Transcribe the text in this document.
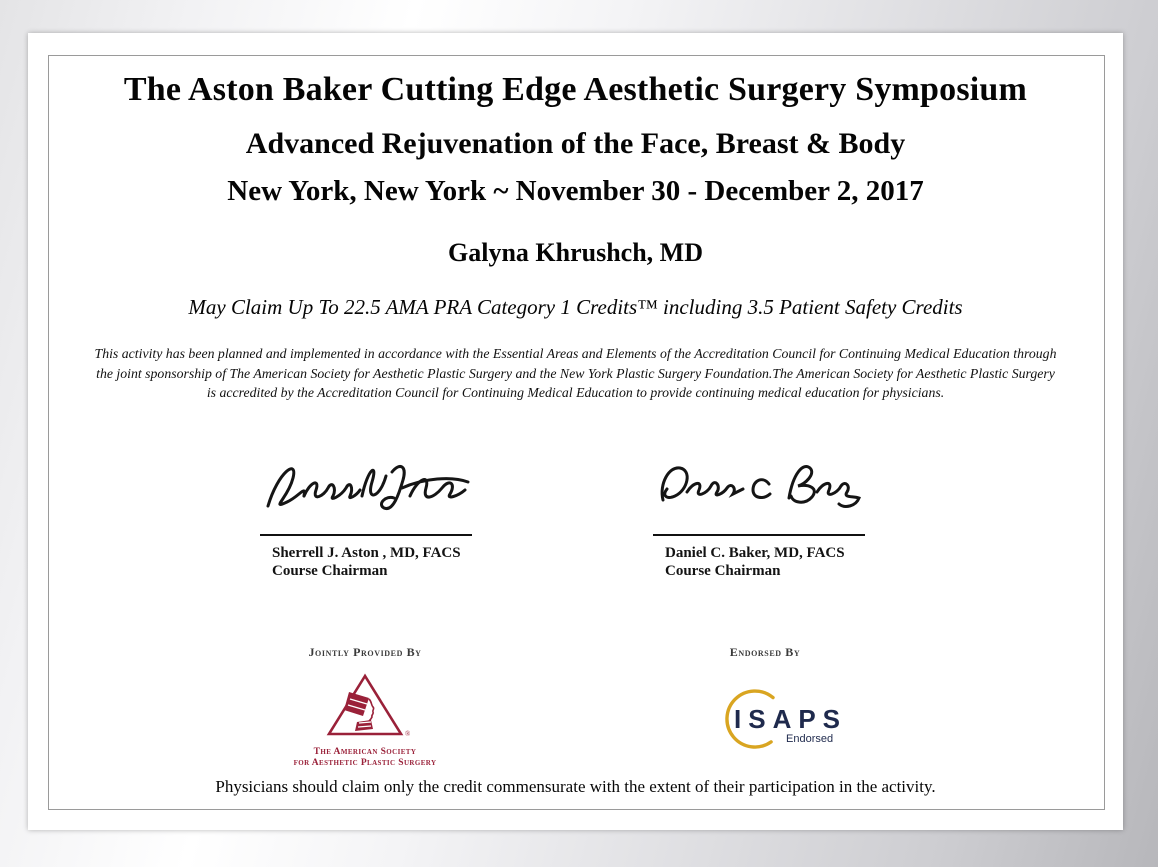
The Aston Baker Cutting Edge Aesthetic Surgery Symposium
Advanced Rejuvenation of the Face, Breast & Body
New York, New York ~ November 30 - December 2, 2017
Galyna Khrushch, MD
May Claim Up To 22.5 AMA PRA Category 1 Credits™ including 3.5 Patient Safety Credits
This activity has been planned and implemented in accordance with the Essential Areas and Elements of the Accreditation Council for Continuing Medical Education through the joint sponsorship of The American Society for Aesthetic Plastic Surgery and the New York Plastic Surgery Foundation.The American Society for Aesthetic Plastic Surgery is accredited by the Accreditation Council for Continuing Medical Education to provide continuing medical education for physicians.
Sherrell J. Aston , MD, FACS
Course Chairman
Daniel C. Baker, MD, FACS
Course Chairman
Jointly Provided By
®
The American Society
for Aesthetic Plastic Surgery
Endorsed By
ISAPS
Endorsed
Physicians should claim only the credit commensurate with the extent of their participation in the activity.
